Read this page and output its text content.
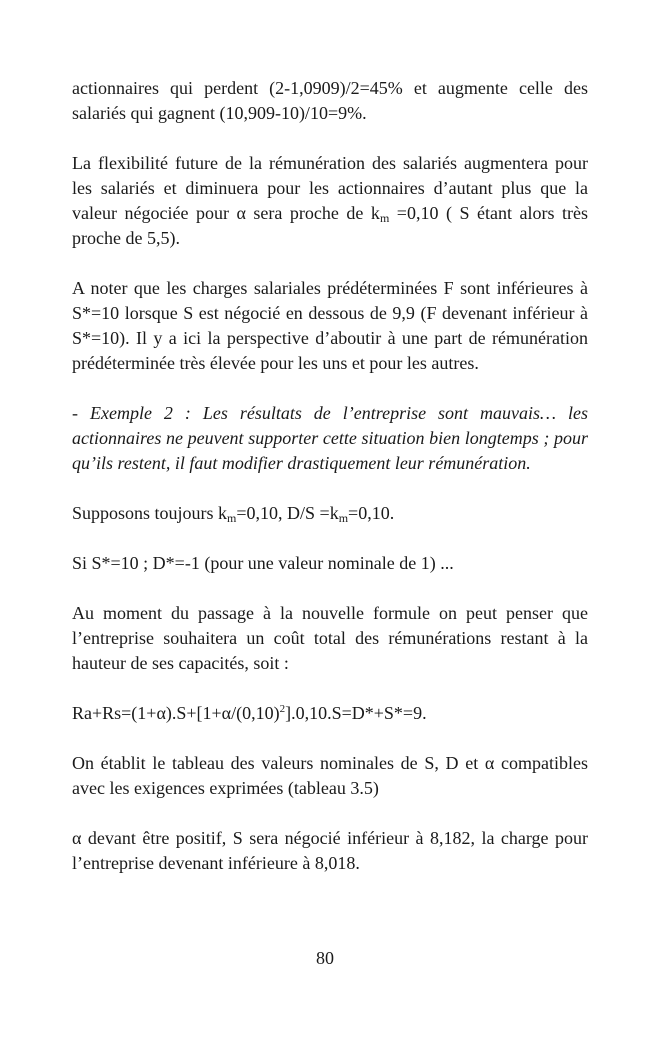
actionnaires qui perdent (2-1,0909)/2=45% et augmente celle des salariés qui gagnent (10,909-10)/10=9%.

La flexibilité future de la rémunération des salariés augmentera pour les salariés et diminuera pour les actionnaires d’autant plus que la valeur négociée pour α sera proche de $k_m =0,10$ ( S étant alors très proche de 5,5).

A noter que les charges salariales prédéterminées F sont inférieures à S*=10 lorsque S est négocié en dessous de 9,9 (F devenant inférieur à S*=10). Il y a ici la perspective d’aboutir à une part de rémunération prédéterminée très élevée pour les uns et pour les autres.

- Exemple 2 : Les résultats de l’entreprise sont mauvais… les actionnaires ne peuvent supporter cette situation bien longtemps ; pour qu’ils restent, il faut modifier drastiquement leur rémunération.

Supposons toujours $k_m=0,10$, $D/S =k_m=0,10$.

Si S*=10 ; D*=-1 (pour une valeur nominale de 1) ...

Au moment du passage à la nouvelle formule on peut penser que l’entreprise souhaitera un coût total des rémunérations restant à la hauteur de ses capacités, soit :

$Ra+Rs=(1+\alpha).S+[1+\alpha/(0,10)^2].0,10.S=D*+S*=9$.

On établit le tableau des valeurs nominales de S, D et α compatibles avec les exigences exprimées (tableau 3.5)

α devant être positif, S sera négocié inférieur à 8,182, la charge pour l’entreprise devenant inférieure à 8,018.

80
